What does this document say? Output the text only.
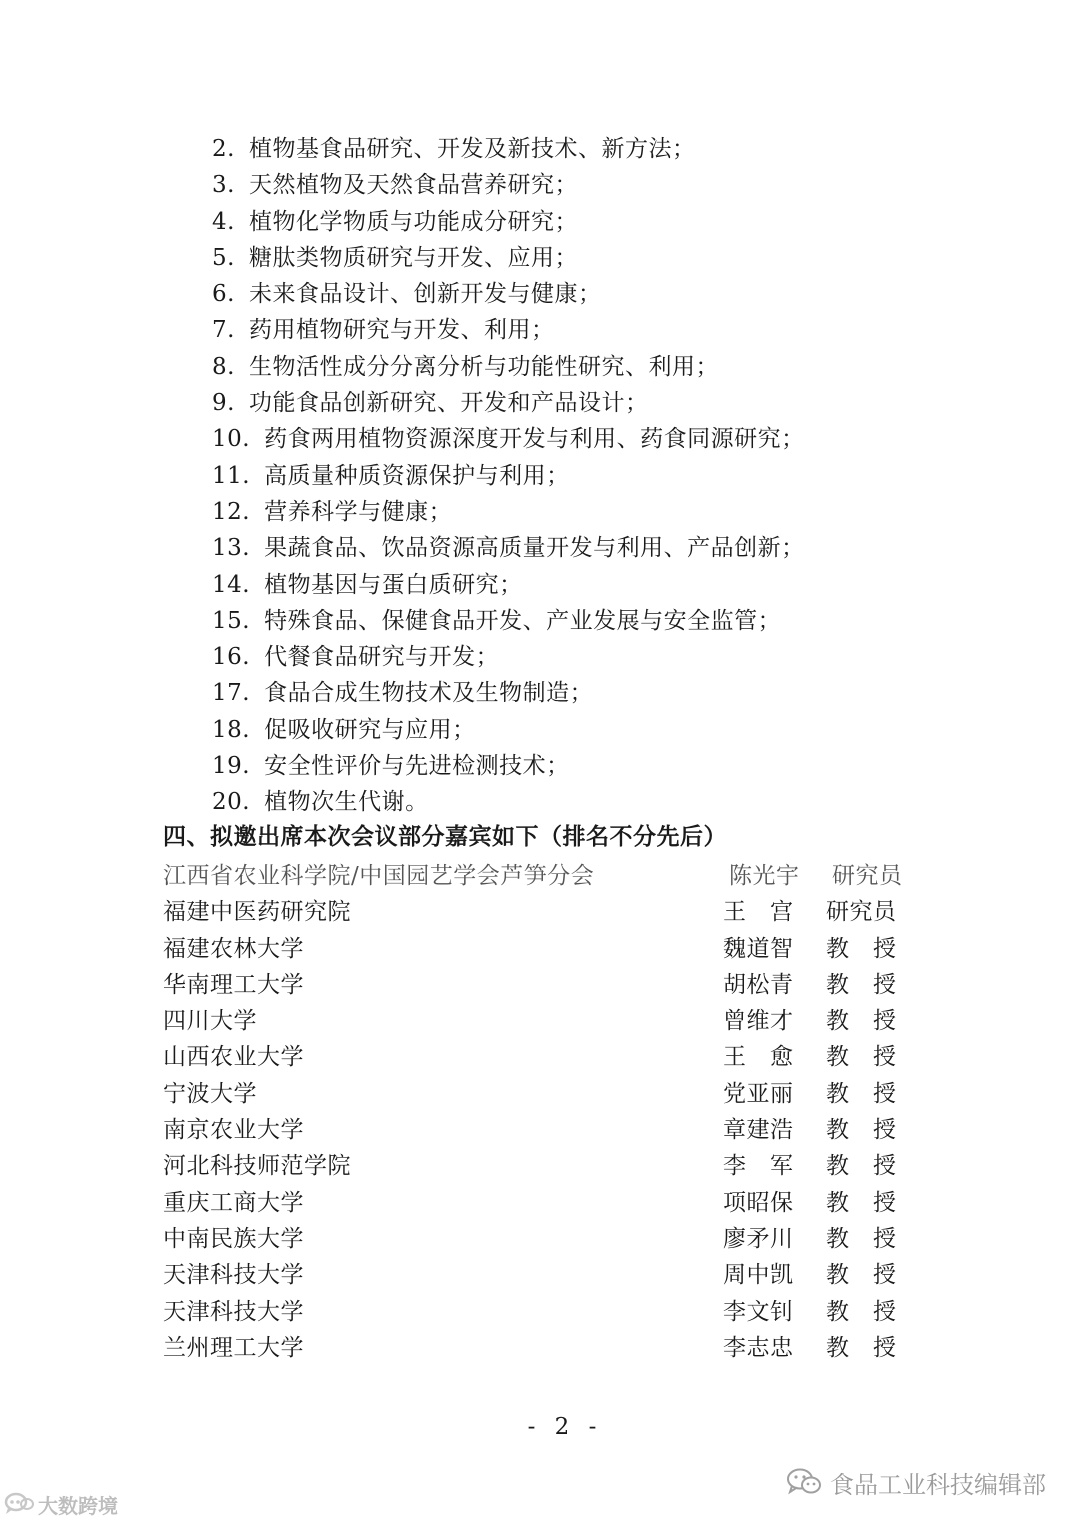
2. 植物基食品研究、开发及新技术、新方法；
3. 天然植物及天然食品营养研究；
4. 植物化学物质与功能成分研究；
5. 糖肽类物质研究与开发、应用；
6. 未来食品设计、创新开发与健康；
7. 药用植物研究与开发、利用；
8. 生物活性成分分离分析与功能性研究、利用；
9. 功能食品创新研究、开发和产品设计；
10. 药食两用植物资源深度开发与利用、药食同源研究；
11. 高质量种质资源保护与利用；
12. 营养科学与健康；
13. 果蔬食品、饮品资源高质量开发与利用、产品创新；
14. 植物基因与蛋白质研究；
15. 特殊食品、保健食品开发、产业发展与安全监管；
16. 代餐食品研究与开发；
17. 食品合成生物技术及生物制造；
18. 促吸收研究与应用；
19. 安全性评价与先进检测技术；
20. 植物次生代谢。
四、拟邀出席本次会议部分嘉宾如下（排名不分先后）
江西省农业科学院/中国园艺学会芦笋分会	陈光宇 研究员
福建中医药研究院	王　宫 研究员
福建农林大学	魏道智 教　授
华南理工大学	胡松青 教　授
四川大学	曾维才 教　授
山西农业大学	王　愈 教　授
宁波大学	党亚丽 教　授
南京农业大学	章建浩 教　授
河北科技师范学院	李　军 教　授
重庆工商大学	项昭保 教　授
中南民族大学	廖矛川 教　授
天津科技大学	周中凯 教　授
天津科技大学	李文钊 教　授
兰州理工大学	李志忠 教　授
- 2 -
大数跨境
食品工业科技编辑部
